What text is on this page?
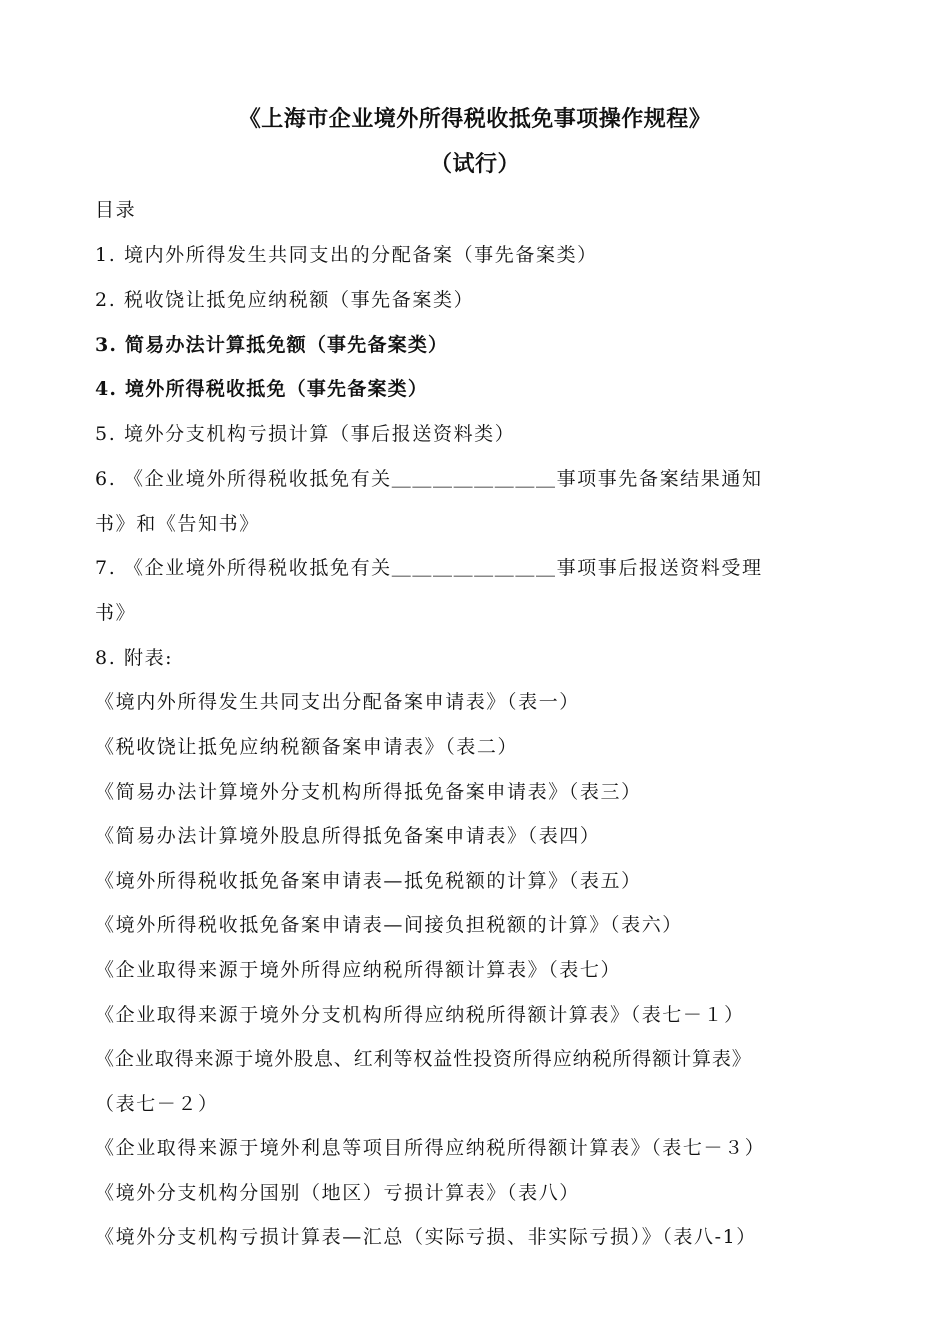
《上海市企业境外所得税收抵免事项操作规程》
（试行）
目录
1. 境内外所得发生共同支出的分配备案（事先备案类）
2. 税收饶让抵免应纳税额（事先备案类）
3. 简易办法计算抵免额（事先备案类）
4. 境外所得税收抵免（事先备案类）
5. 境外分支机构亏损计算（事后报送资料类）
6. 《企业境外所得税收抵免有关＿＿＿＿＿＿＿＿事项事先备案结果通知
书》和《告知书》
7. 《企业境外所得税收抵免有关＿＿＿＿＿＿＿＿事项事后报送资料受理
书》
8. 附表:
《境内外所得发生共同支出分配备案申请表》（表一）
《税收饶让抵免应纳税额备案申请表》（表二）
《简易办法计算境外分支机构所得抵免备案申请表》（表三）
《简易办法计算境外股息所得抵免备案申请表》（表四）
《境外所得税收抵免备案申请表—抵免税额的计算》（表五）
《境外所得税收抵免备案申请表—间接负担税额的计算》（表六）
《企业取得来源于境外所得应纳税所得额计算表》（表七）
《企业取得来源于境外分支机构所得应纳税所得额计算表》（表七－１）
《企业取得来源于境外股息、红利等权益性投资所得应纳税所得额计算表》
（表七－２）
《企业取得来源于境外利息等项目所得应纳税所得额计算表》（表七－３）
《境外分支机构分国别（地区）亏损计算表》（表八）
《境外分支机构亏损计算表—汇总（实际亏损、非实际亏损）》（表八-1）
